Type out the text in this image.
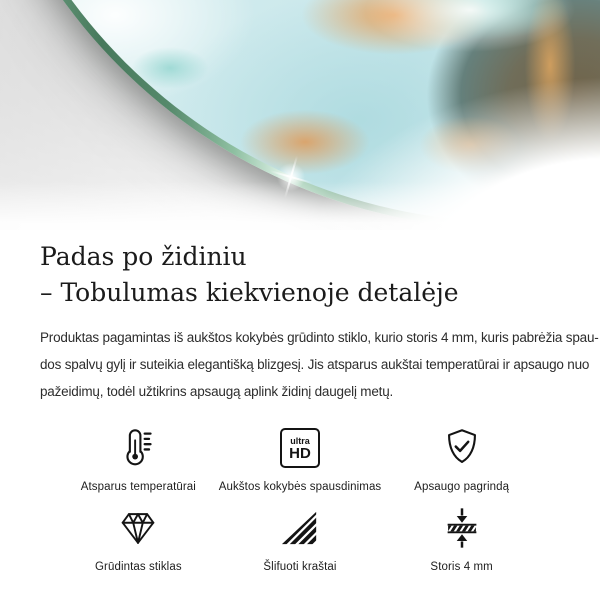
Padas po židiniu
– Tobulumas kiekvienoje detalėje

Produktas pagamintas iš aukštos kokybės grūdinto stiklo, kurio storis 4 mm, kuris pabrėžia spau-
dos spalvų gylį ir suteikia elegantišką blizgesį. Jis atsparus aukštai temperatūrai ir apsaugo nuo
pažeidimų, todėl užtikrins apsaugą aplink židinį daugelį metų.

Atsparus temperatūrai
ultra
HD
Aukštos kokybės spausdinimas	Apsaugo pagrindą
Grūdintas stiklas	Šlifuoti kraštai	Storis 4 mm
